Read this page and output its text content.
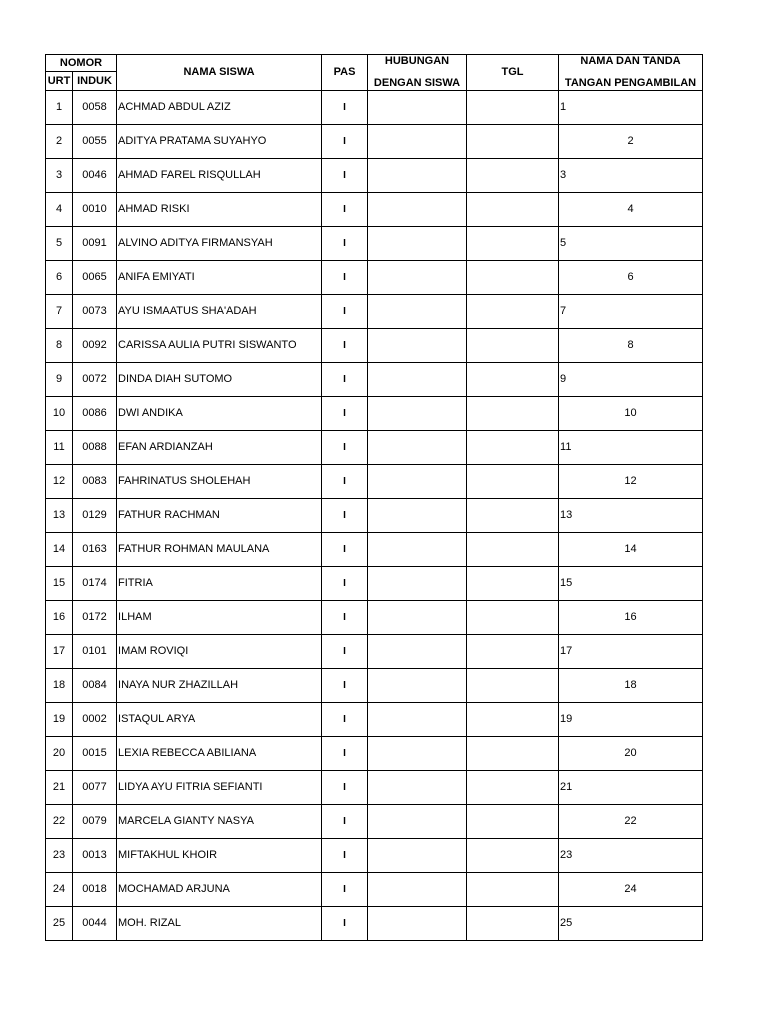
NOMOR		NAMA SISWA	PAS	HUBUNGAN	TGL	NAMA DAN TANDA
URT	INDUK			DENGAN SISWA		TANGAN PENGAMBILAN
1	0058	ACHMAD ABDUL AZIZ	I			1
2	0055	ADITYA PRATAMA SUYAHYO	I			2
3	0046	AHMAD FAREL RISQULLAH	I			3
4	0010	AHMAD RISKI	I			4
5	0091	ALVINO ADITYA FIRMANSYAH	I			5
6	0065	ANIFA EMIYATI	I			6
7	0073	AYU ISMAATUS SHA'ADAH	I			7
8	0092	CARISSA AULIA PUTRI SISWANTO	I			8
9	0072	DINDA DIAH SUTOMO	I			9
10	0086	DWI ANDIKA	I			10
11	0088	EFAN ARDIANZAH	I			11
12	0083	FAHRINATUS SHOLEHAH	I			12
13	0129	FATHUR RACHMAN	I			13
14	0163	FATHUR ROHMAN MAULANA	I			14
15	0174	FITRIA	I			15
16	0172	ILHAM	I			16
17	0101	IMAM ROVIQI	I			17
18	0084	INAYA NUR ZHAZILLAH	I			18
19	0002	ISTAQUL ARYA	I			19
20	0015	LEXIA REBECCA ABILIANA	I			20
21	0077	LIDYA AYU FITRIA SEFIANTI	I			21
22	0079	MARCELA GIANTY NASYA	I			22
23	0013	MIFTAKHUL KHOIR	I			23
24	0018	MOCHAMAD ARJUNA	I			24
25	0044	MOH. RIZAL	I			25
